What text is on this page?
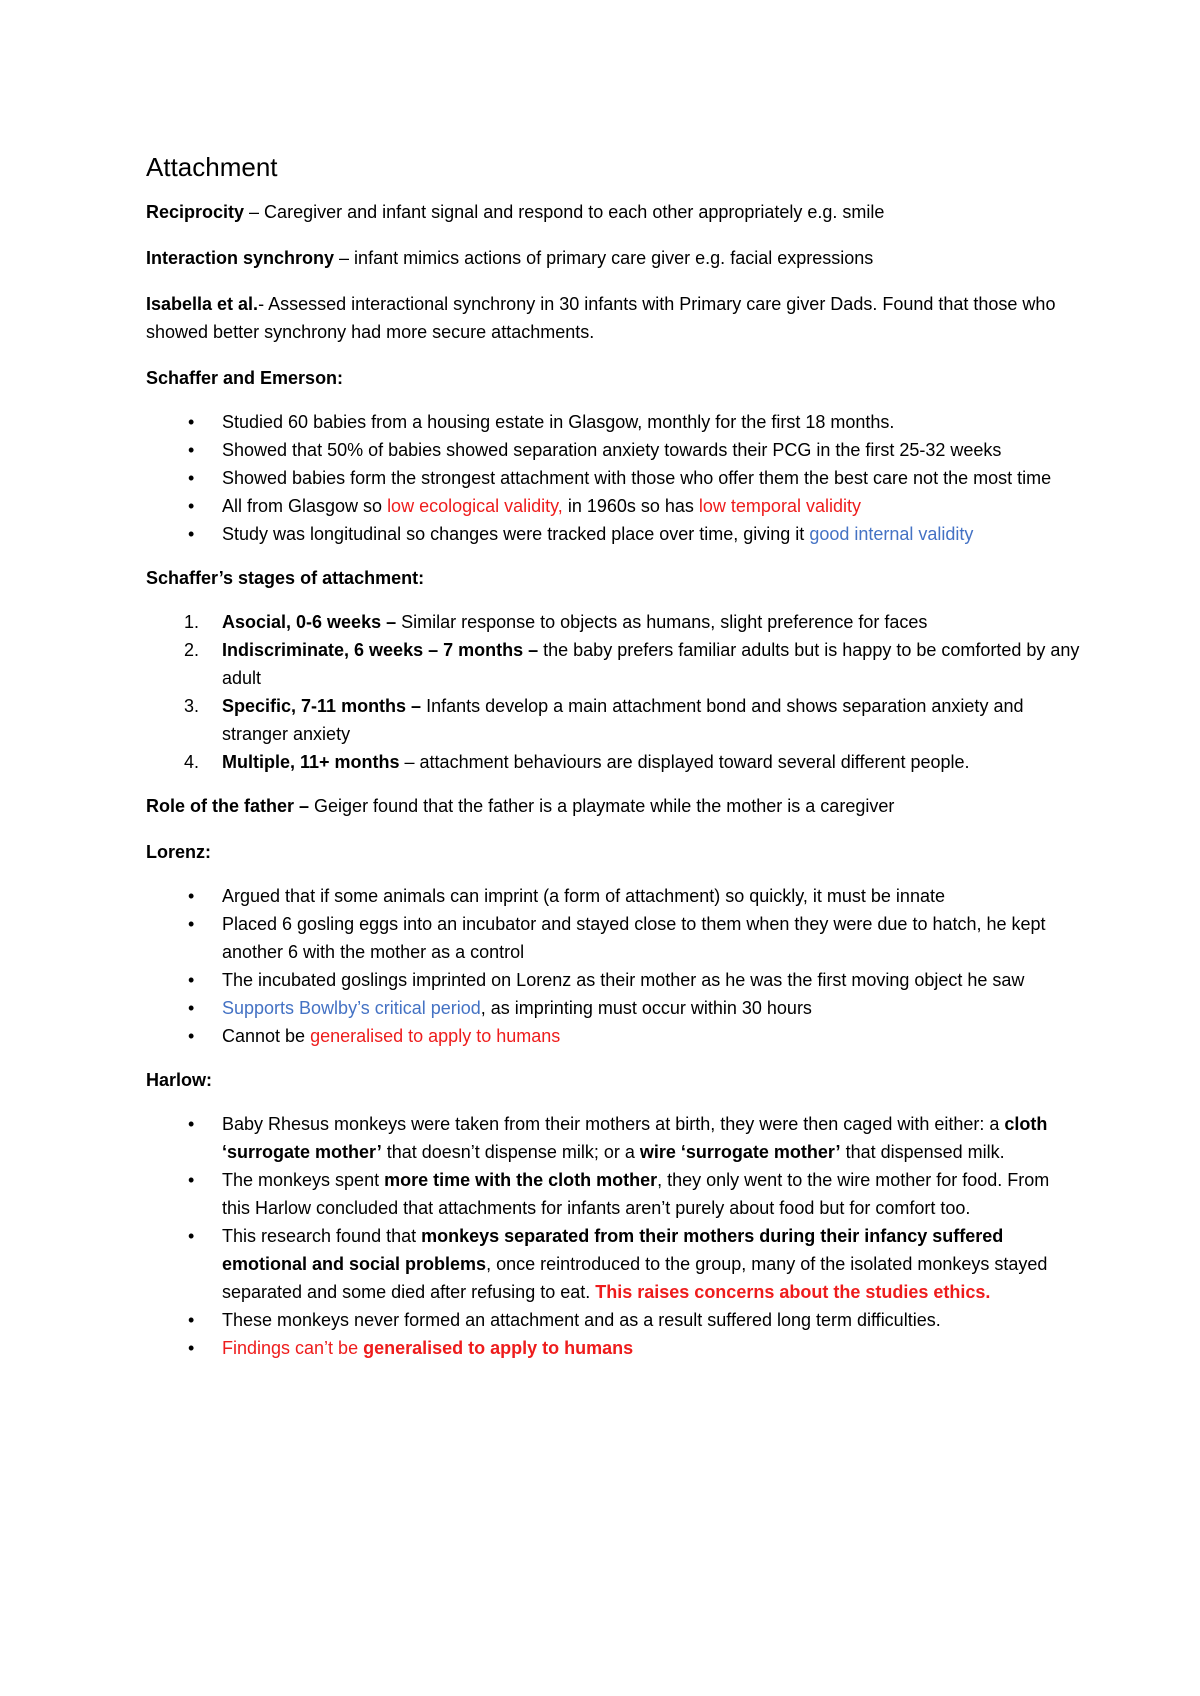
Attachment

Reciprocity – Caregiver and infant signal and respond to each other appropriately e.g. smile

Interaction synchrony – infant mimics actions of primary care giver e.g. facial expressions

Isabella et al.- Assessed interactional synchrony in 30 infants with Primary care giver Dads. Found that those who showed better synchrony had more secure attachments.

Schaffer and Emerson:
• Studied 60 babies from a housing estate in Glasgow, monthly for the first 18 months.
• Showed that 50% of babies showed separation anxiety towards their PCG in the first 25-32 weeks
• Showed babies form the strongest attachment with those who offer them the best care not the most time
• All from Glasgow so low ecological validity, in 1960s so has low temporal validity
• Study was longitudinal so changes were tracked place over time, giving it good internal validity
Schaffer’s stages of attachment:
1. Asocial, 0-6 weeks – Similar response to objects as humans, slight preference for faces
2. Indiscriminate, 6 weeks – 7 months – the baby prefers familiar adults but is happy to be comforted by any adult
3. Specific, 7-11 months – Infants develop a main attachment bond and shows separation anxiety and stranger anxiety
4. Multiple, 11+ months – attachment behaviours are displayed toward several different people.

Role of the father – Geiger found that the father is a playmate while the mother is a caregiver

Lorenz:
• Argued that if some animals can imprint (a form of attachment) so quickly, it must be innate
• Placed 6 gosling eggs into an incubator and stayed close to them when they were due to hatch, he kept another 6 with the mother as a control
• The incubated goslings imprinted on Lorenz as their mother as he was the first moving object he saw
• Supports Bowlby’s critical period, as imprinting must occur within 30 hours
• Cannot be generalised to apply to humans
Harlow:
• Baby Rhesus monkeys were taken from their mothers at birth, they were then caged with either: a cloth ‘surrogate mother’ that doesn’t dispense milk; or a wire ‘surrogate mother’ that dispensed milk.
• The monkeys spent more time with the cloth mother, they only went to the wire mother for food. From this Harlow concluded that attachments for infants aren’t purely about food but for comfort too.
• This research found that monkeys separated from their mothers during their infancy suffered emotional and social problems, once reintroduced to the group, many of the isolated monkeys stayed separated and some died after refusing to eat. This raises concerns about the studies ethics.
• These monkeys never formed an attachment and as a result suffered long term difficulties.
• Findings can’t be generalised to apply to humans
